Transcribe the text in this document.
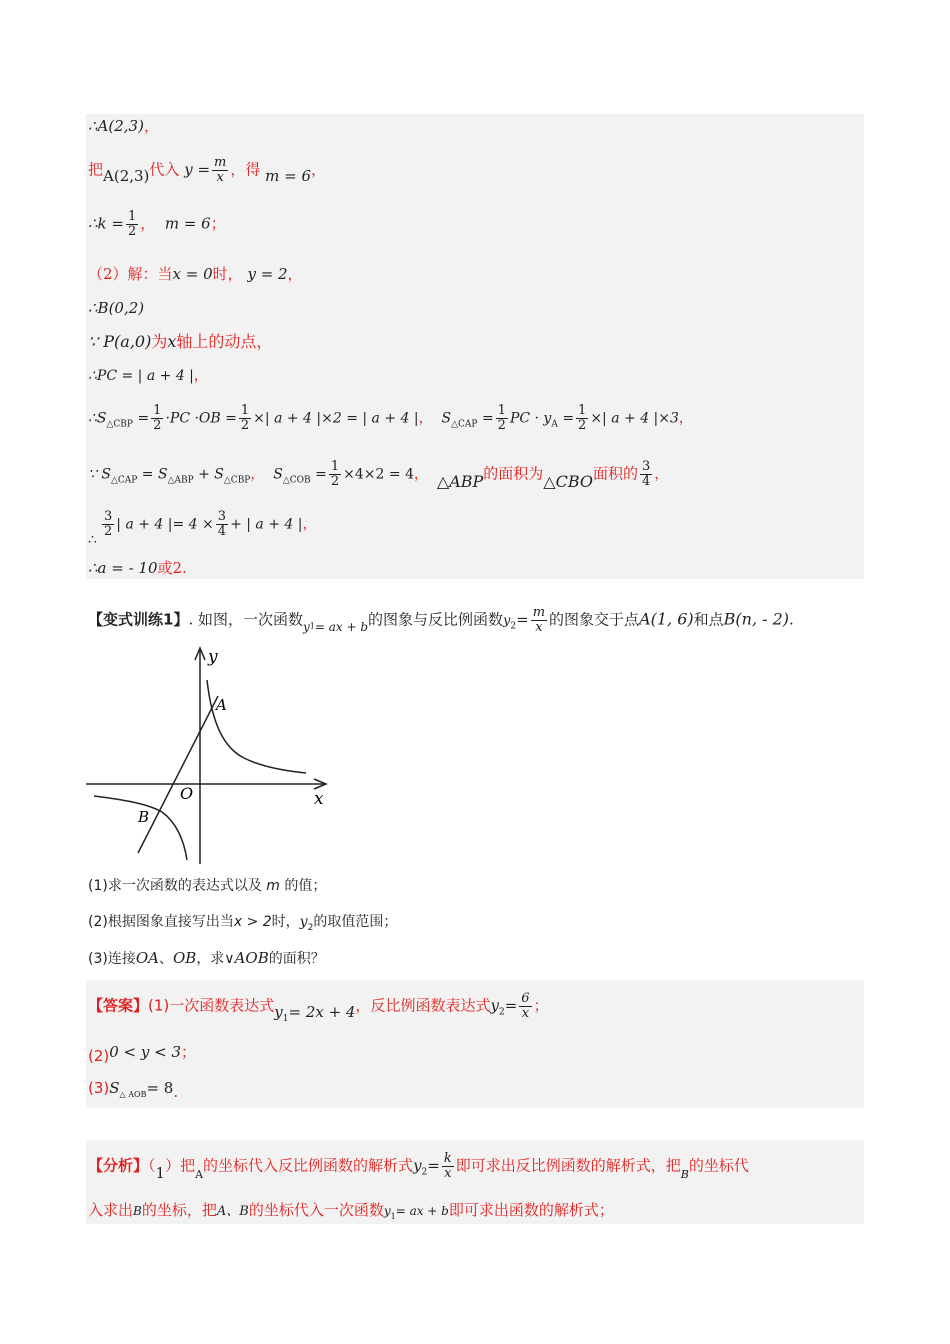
∴A(2,3)，
把A(2,3)代入 $y = \frac{m}{x}$ ，得 m = 6，
∴k = $\frac{1}{2}$ ， m = 6；
（2）解：当x = 0时， y = 2，
∴B(0,2)
∵ P(a,0)为x轴上的动点，
∴PC = | a + 4 |，
$\therefore S_{\triangle CBP} = \frac{1}{2} \cdot PC \cdot OB = \frac{1}{2}$ ×| a + 4 |×2 = | a + 4 |， $S_{\triangle CAP} = \frac{1}{2}$ PC · $y_A = \frac{1}{2}$ ×| a + 4 |×3，
∵ $S_{\triangle CAP} = S_{\triangle ABP} + S_{\triangle CBP}$， $S_{\triangle COB} = \frac{1}{2} \times 4\times 2 = 4$， △ABP的面积为△CBO面积的 $\frac{3}{4}$ ，
∴
$\frac{3}{2}$ | a + 4 |= $4 \times \frac{3}{4}$ + | a + 4 |，
∴a = - 10或2.
【变式训练1】. 如图，一次函数$_{y1= ax + b}$的图象与反比例函数$y_2= \frac{m}{x}$ 的图象交于点A(1, 6)和点B(n, - 2).
y
x
O
A
B
(1)求一次函数的表达式以及 m 的值；
(2)根据图象直接写出当x > 2时，$y_2$的取值范围；
(3)连接OA、OB，求∨AOB的面积？
【答案】(1)一次函数表达式$y_1= 2x + 4$，反比例函数表达式$y_2= \frac{6}{x}$ ；
(2)0 < y < 3；
$(3)S_{\triangle AOB}= 8$.
【分析】（1）把$_A$的坐标代入反比例函数的解析式$y_2= \frac{k}{x}$ 即可求出反比例函数的解析式，把$_B$的坐标代
入求出B的坐标，把A、B的坐标代入一次函数$y_1=$ ax + b即可求出函数的解析式；
